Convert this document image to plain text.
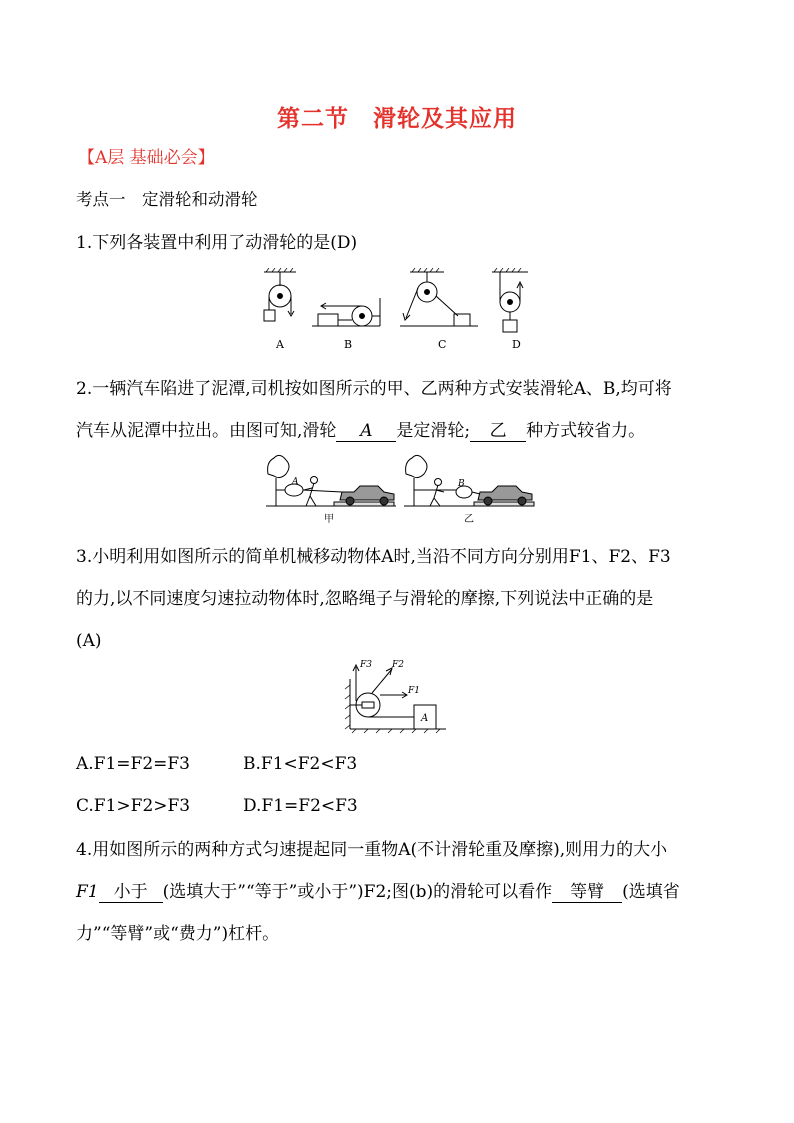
第二节　滑轮及其应用
【A层 基础必会】
考点一　定滑轮和动滑轮
1.下列各装置中利用了动滑轮的是(D)
A	B	C	D
2.一辆汽车陷进了泥潭,司机按如图所示的甲、乙两种方式安装滑轮A、B,均可将
汽车从泥潭中拉出。由图可知,滑轮 A 是定滑轮; 乙 种方式较省力。
A	B
甲	乙
3.小明利用如图所示的简单机械移动物体A时,当沿不同方向分别用F1、F2、F3
的力,以不同速度匀速拉动物体时,忽略绳子与滑轮的摩擦,下列说法中正确的是
(A)
F3 F2
F1
A
A.F1=F2=F3	B.F1<F2<F3
C.F1>F2>F3	D.F1=F2<F3
4.用如图所示的两种方式匀速提起同一重物A(不计滑轮重及摩擦),则用力的大小
F1 小于 (选填大于”“等于”或小于”)F2;图(b)的滑轮可以看作 等臂 (选填省
力”“等臂”或“费力”)杠杆。
